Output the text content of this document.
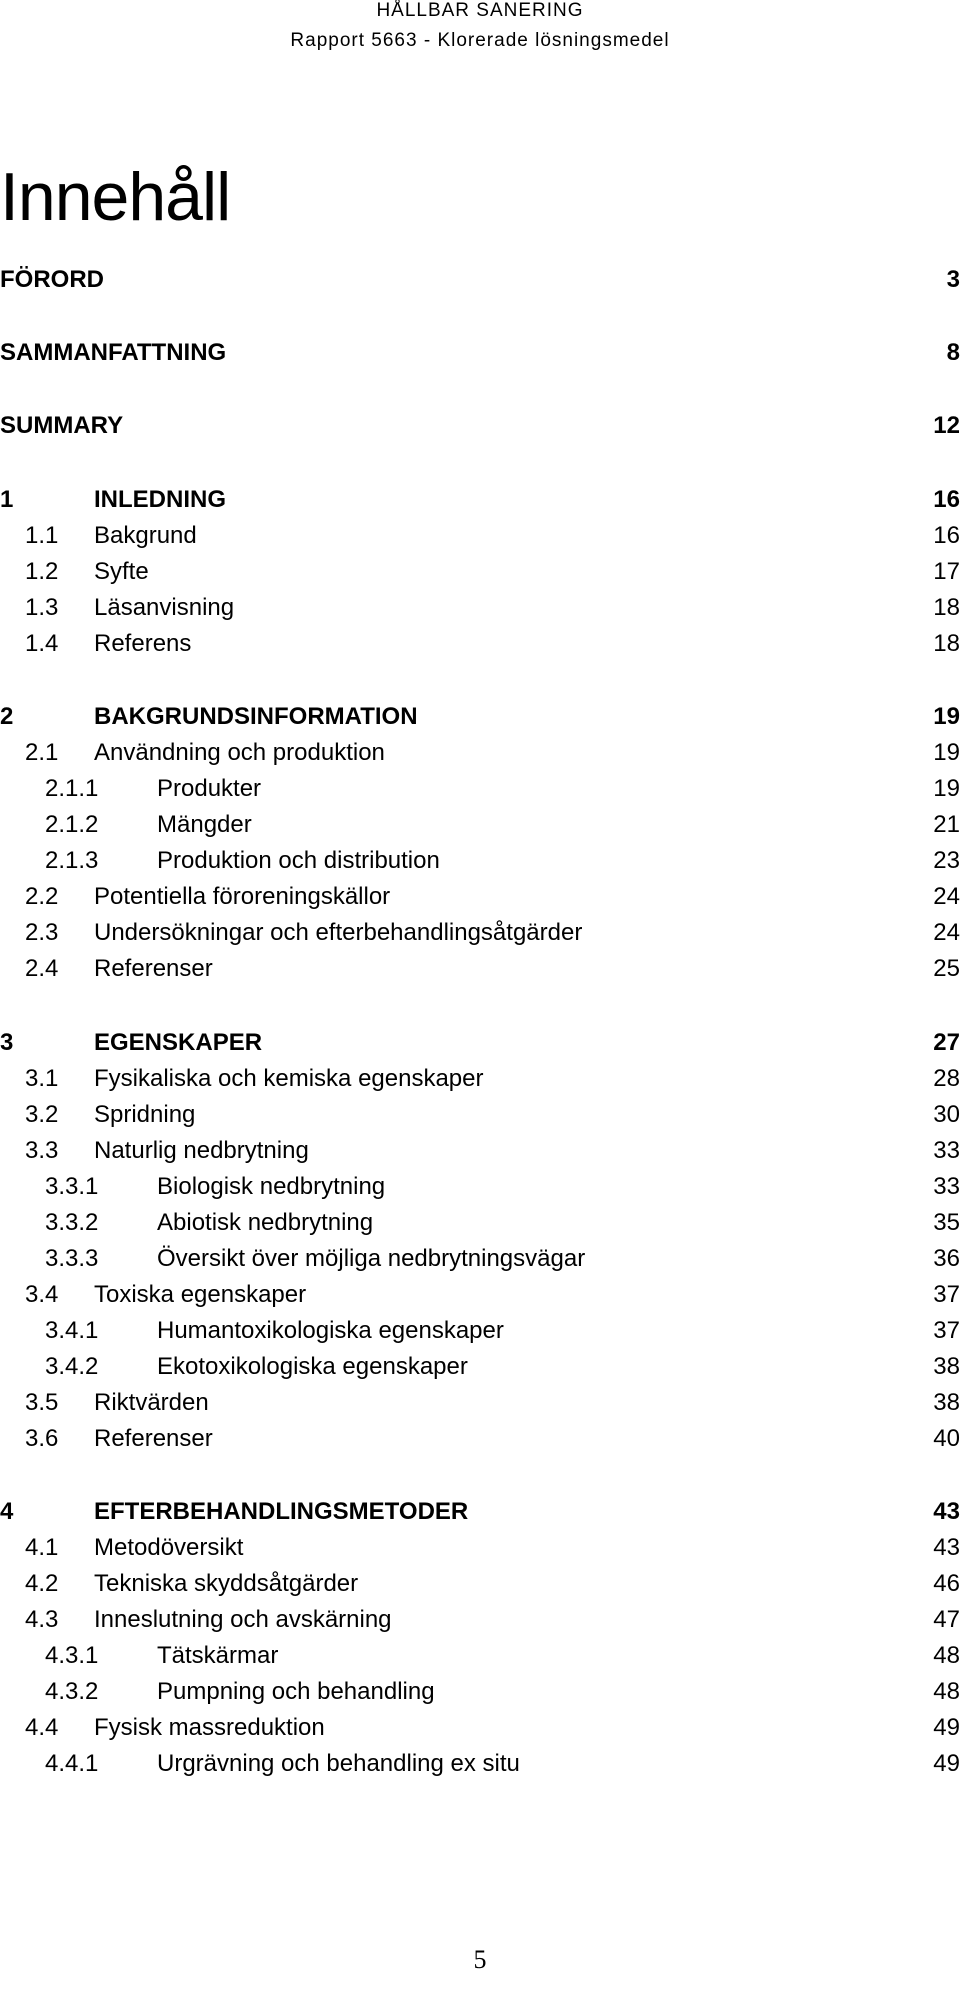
HÅLLBAR SANERING
Rapport 5663 - Klorerade lösningsmedel
Innehåll
FÖRORD	3
SAMMANFATTNING	8
SUMMARY	12
1	INLEDNING	16
1.1 Bakgrund	16
1.2 Syfte	17
1.3 Läsanvisning	18
1.4 Referens	18
2	BAKGRUNDSINFORMATION	19
2.1 Användning och produktion	19
2.1.1 Produkter	19
2.1.2 Mängder	21
2.1.3 Produktion och distribution	23
2.2 Potentiella föroreningskällor	24
2.3 Undersökningar och efterbehandlingsåtgärder	24
2.4 Referenser	25
3	EGENSKAPER	27
3.1 Fysikaliska och kemiska egenskaper	28
3.2 Spridning	30
3.3 Naturlig nedbrytning	33
3.3.1 Biologisk nedbrytning	33
3.3.2 Abiotisk nedbrytning	35
3.3.3 Översikt över möjliga nedbrytningsvägar	36
3.4 Toxiska egenskaper	37
3.4.1 Humantoxikologiska egenskaper	37
3.4.2 Ekotoxikologiska egenskaper	38
3.5 Riktvärden	38
3.6 Referenser	40
4	EFTERBEHANDLINGSMETODER	43
4.1 Metodöversikt	43
4.2 Tekniska skyddsåtgärder	46
4.3 Inneslutning och avskärning	47
4.3.1 Tätskärmar	48
4.3.2 Pumpning och behandling	48
4.4 Fysisk massreduktion	49
4.4.1 Urgrävning och behandling ex situ	49
5
